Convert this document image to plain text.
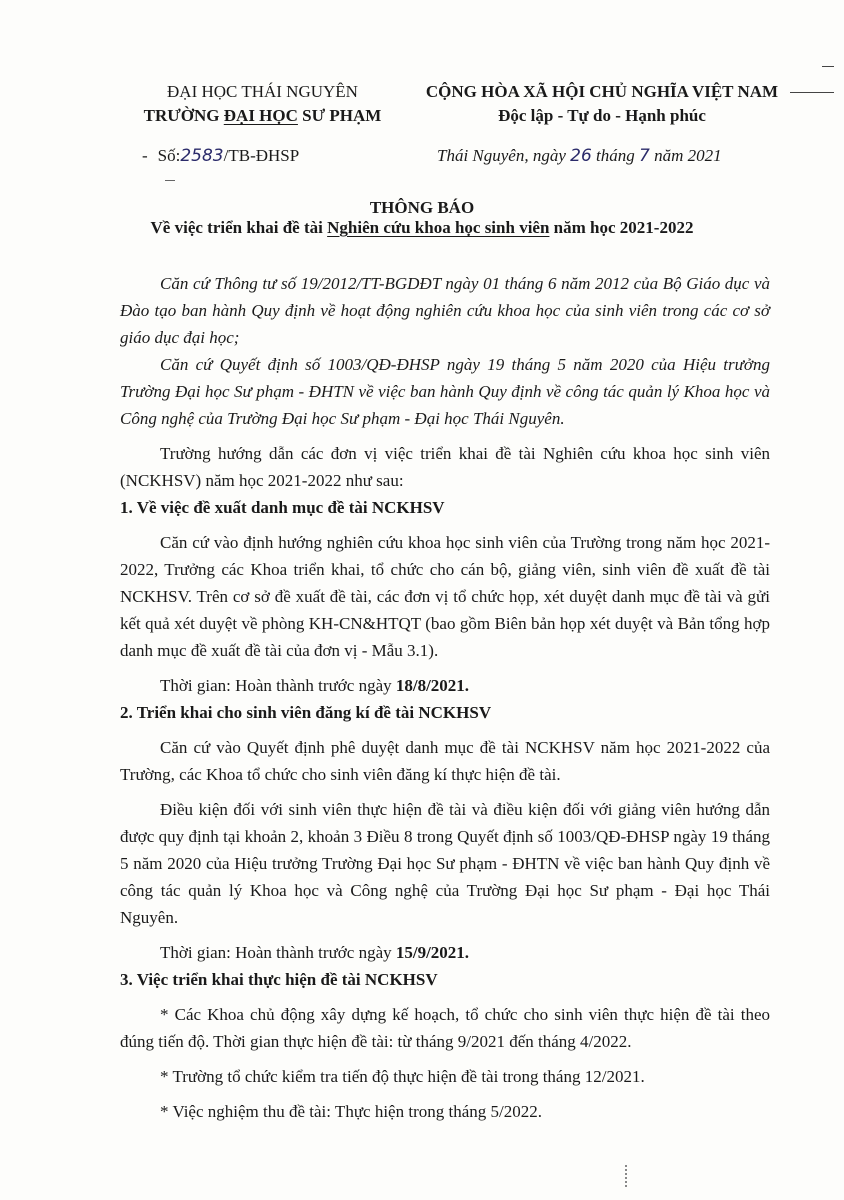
ĐẠI HỌC THÁI NGUYÊN
TRƯỜNG ĐẠI HỌC SƯ PHẠM
CỘNG HÒA XÃ HỘI CHỦ NGHĨA VIỆT NAM
Độc lập - Tự do - Hạnh phúc
- Số:2583/TB-ĐHSP	Thái Nguyên, ngày 26 tháng 7 năm 2021
THÔNG BÁO
Về việc triển khai đề tài Nghiên cứu khoa học sinh viên năm học 2021-2022

Căn cứ Thông tư số 19/2012/TT-BGDĐT ngày 01 tháng 6 năm 2012 của Bộ Giáo dục và Đào tạo ban hành Quy định về hoạt động nghiên cứu khoa học của sinh viên trong các cơ sở giáo dục đại học;

Căn cứ Quyết định số 1003/QĐ-ĐHSP ngày 19 tháng 5 năm 2020 của Hiệu trưởng Trường Đại học Sư phạm - ĐHTN về việc ban hành Quy định về công tác quản lý Khoa học và Công nghệ của Trường Đại học Sư phạm - Đại học Thái Nguyên.

Trường hướng dẫn các đơn vị việc triển khai đề tài Nghiên cứu khoa học sinh viên (NCKHSV) năm học 2021-2022 như sau:

1. Về việc đề xuất danh mục đề tài NCKHSV

Căn cứ vào định hướng nghiên cứu khoa học sinh viên của Trường trong năm học 2021-2022, Trưởng các Khoa triển khai, tổ chức cho cán bộ, giảng viên, sinh viên đề xuất đề tài NCKHSV. Trên cơ sở đề xuất đề tài, các đơn vị tổ chức họp, xét duyệt danh mục đề tài và gửi kết quả xét duyệt về phòng KH-CN&HTQT (bao gồm Biên bản họp xét duyệt và Bản tổng hợp danh mục đề xuất đề tài của đơn vị - Mẫu 3.1).

Thời gian: Hoàn thành trước ngày 18/8/2021.

2. Triển khai cho sinh viên đăng kí đề tài NCKHSV

Căn cứ vào Quyết định phê duyệt danh mục đề tài NCKHSV năm học 2021-2022 của Trường, các Khoa tổ chức cho sinh viên đăng kí thực hiện đề tài.

Điều kiện đối với sinh viên thực hiện đề tài và điều kiện đối với giảng viên hướng dẫn được quy định tại khoản 2, khoản 3 Điều 8 trong Quyết định số 1003/QĐ-ĐHSP ngày 19 tháng 5 năm 2020 của Hiệu trưởng Trường Đại học Sư phạm - ĐHTN về việc ban hành Quy định về công tác quản lý Khoa học và Công nghệ của Trường Đại học Sư phạm - Đại học Thái Nguyên.

Thời gian: Hoàn thành trước ngày 15/9/2021.

3. Việc triển khai thực hiện đề tài NCKHSV

* Các Khoa chủ động xây dựng kế hoạch, tổ chức cho sinh viên thực hiện đề tài theo đúng tiến độ. Thời gian thực hiện đề tài: từ tháng 9/2021 đến tháng 4/2022.

* Trường tổ chức kiểm tra tiến độ thực hiện đề tài trong tháng 12/2021.

* Việc nghiệm thu đề tài: Thực hiện trong tháng 5/2022.
